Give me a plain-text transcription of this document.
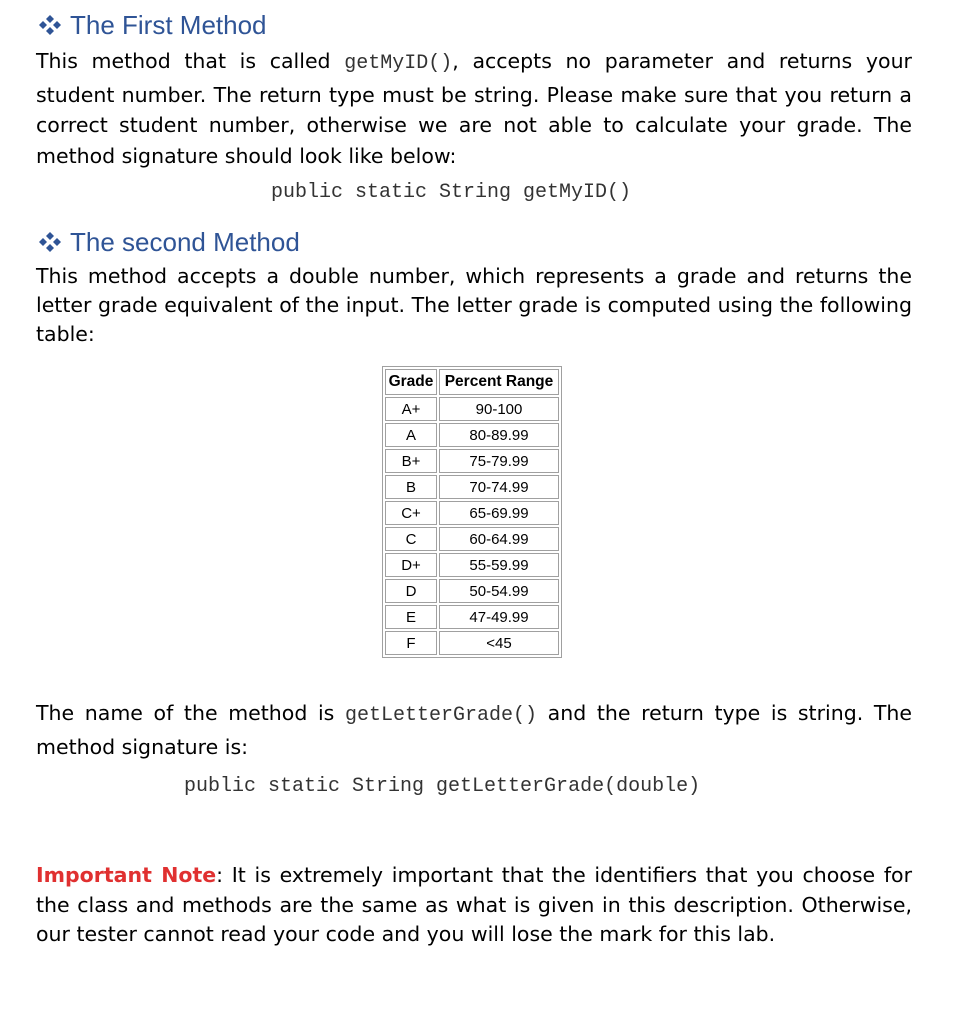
The First Method

This method that is called getMyID(), accepts no parameter and returns your student number. The return type must be string. Please make sure that you return a correct student number, otherwise we are not able to calculate your grade. The method signature should look like below:

public static String getMyID()
The second Method

This method accepts a double number, which represents a grade and returns the letter grade equivalent of the input. The letter grade is computed using the following table:

Grade	Percent Range
A+	90-100
A	80-89.99
B+	75-79.99
B	70-74.99
C+	65-69.99
C	60-64.99
D+	55-59.99
D	50-54.99
E	47-49.99
F	<45

The name of the method is getLetterGrade() and the return type is string. The method signature is:

public static String getLetterGrade(double)

Important Note: It is extremely important that the identifiers that you choose for the class and methods are the same as what is given in this description. Otherwise, our tester cannot read your code and you will lose the mark for this lab.
